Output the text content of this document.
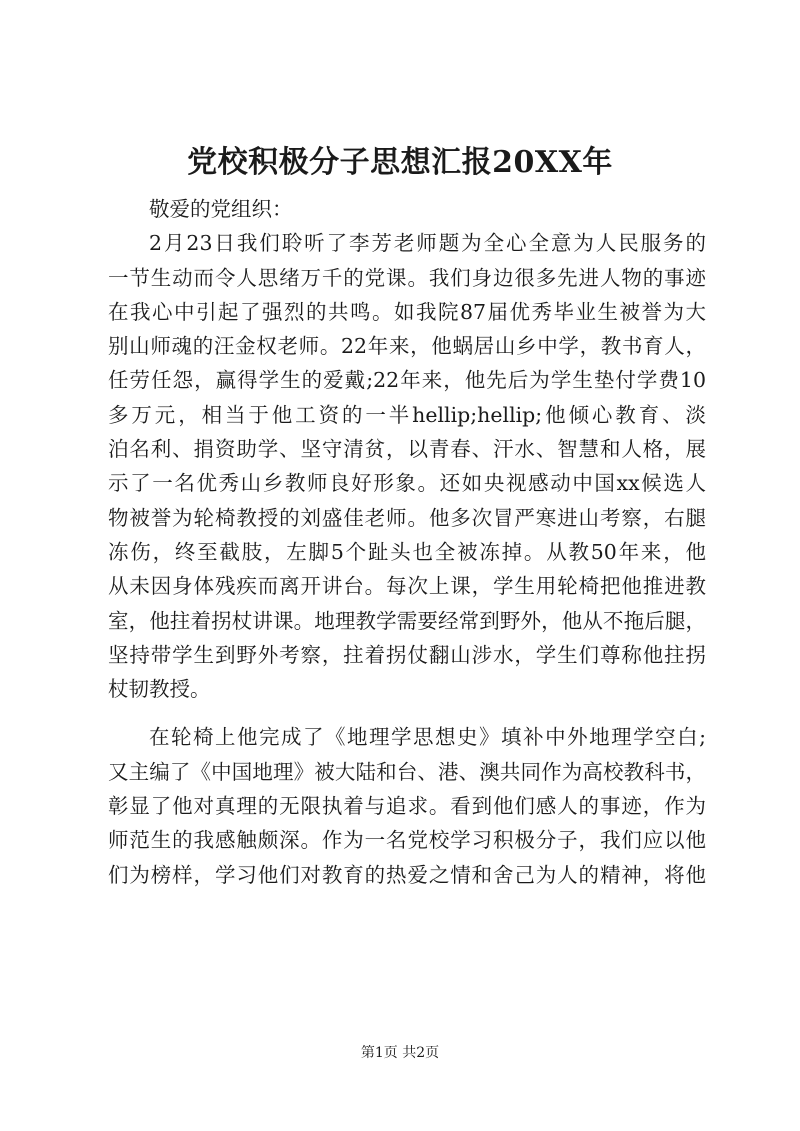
党校积极分子思想汇报20XX年
敬爱的党组织：
2月23日我们聆听了李芳老师题为全心全意为人民服务的
一节生动而令人思绪万千的党课。我们身边很多先进人物的事迹
在我心中引起了强烈的共鸣。如我院87届优秀毕业生被誉为大
别山师魂的汪金权老师。22年来，他蜗居山乡中学，教书育人，
任劳任怨，赢得学生的爱戴;22年来，他先后为学生垫付学费10
多万元，相当于他工资的一半hellip;hellip;他倾心教育、淡
泊名利、捐资助学、坚守清贫，以青春、汗水、智慧和人格，展
示了一名优秀山乡教师良好形象。还如央视感动中国xx候选人
物被誉为轮椅教授的刘盛佳老师。他多次冒严寒进山考察，右腿
冻伤，终至截肢，左脚5个趾头也全被冻掉。从教50年来，他
从未因身体残疾而离开讲台。每次上课，学生用轮椅把他推进教
室，他拄着拐杖讲课。地理教学需要经常到野外，他从不拖后腿，
坚持带学生到野外考察，拄着拐仗翻山涉水，学生们尊称他拄拐
杖韧教授。
在轮椅上他完成了《地理学思想史》填补中外地理学空白;
又主编了《中国地理》被大陆和台、港、澳共同作为高校教科书，
彰显了他对真理的无限执着与追求。看到他们感人的事迹，作为
师范生的我感触颇深。作为一名党校学习积极分子，我们应以他
们为榜样，学习他们对教育的热爱之情和舍己为人的精神，将他
第1页 共2页
